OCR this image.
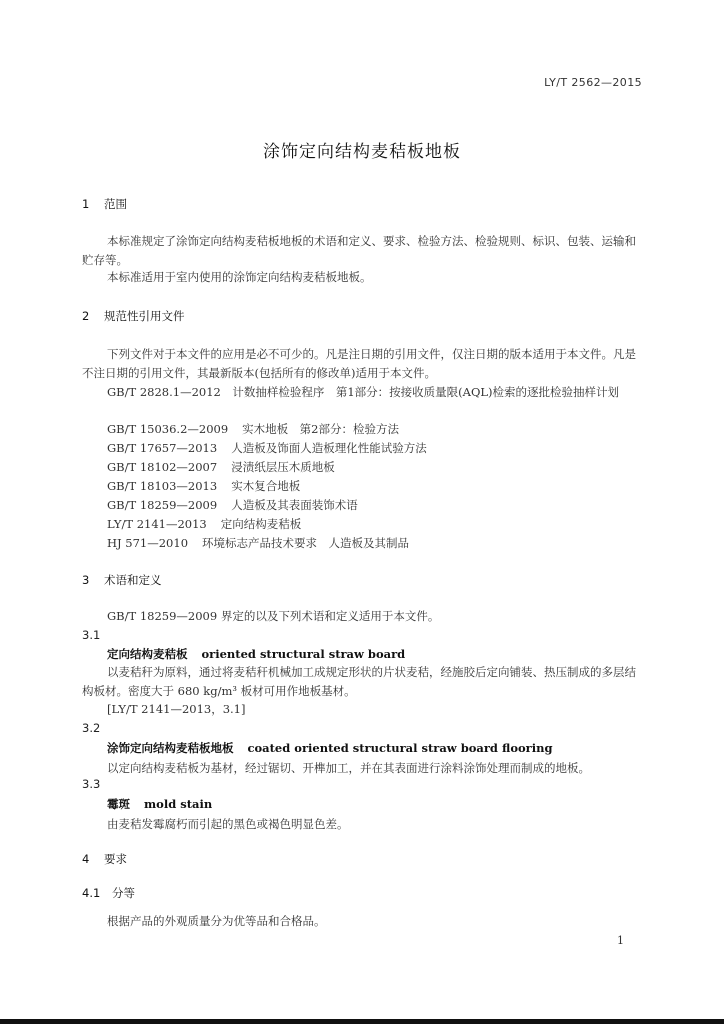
LY/T 2562—2015
涂饰定向结构麦秸板地板
1 范围
本标准规定了涂饰定向结构麦秸板地板的术语和定义、要求、检验方法、检验规则、标识、包装、运输和贮存等。
本标准适用于室内使用的涂饰定向结构麦秸板地板。
2 规范性引用文件
下列文件对于本文件的应用是必不可少的。凡是注日期的引用文件，仅注日期的版本适用于本文件。凡是不注日期的引用文件，其最新版本(包括所有的修改单)适用于本文件。
GB/T 2828.1—2012　计数抽样检验程序　第1部分：按接收质量限(AQL)检索的逐批检验抽样计划
GB/T 15036.2—2009 实木地板　第2部分：检验方法
GB/T 17657—2013 人造板及饰面人造板理化性能试验方法
GB/T 18102—2007 浸渍纸层压木质地板
GB/T 18103—2013 实木复合地板
GB/T 18259—2009 人造板及其表面装饰术语
LY/T 2141—2013 定向结构麦秸板
HJ 571—2010 环境标志产品技术要求　人造板及其制品
3 术语和定义
GB/T 18259—2009 界定的以及下列术语和定义适用于本文件。
3.1
定向结构麦秸板 oriented structural straw board
以麦秸秆为原料，通过将麦秸秆机械加工成规定形状的片状麦秸，经施胶后定向铺装、热压制成的多层结构板材。密度大于 680 kg/m³ 板材可用作地板基材。
[LY/T 2141—2013，3.1]
3.2
涂饰定向结构麦秸板地板 coated oriented structural straw board flooring
以定向结构麦秸板为基材，经过锯切、开榫加工，并在其表面进行涂料涂饰处理而制成的地板。
3.3
霉斑 mold stain
由麦秸发霉腐朽而引起的黑色或褐色明显色差。
4 要求
4.1 分等
根据产品的外观质量分为优等品和合格品。
1
